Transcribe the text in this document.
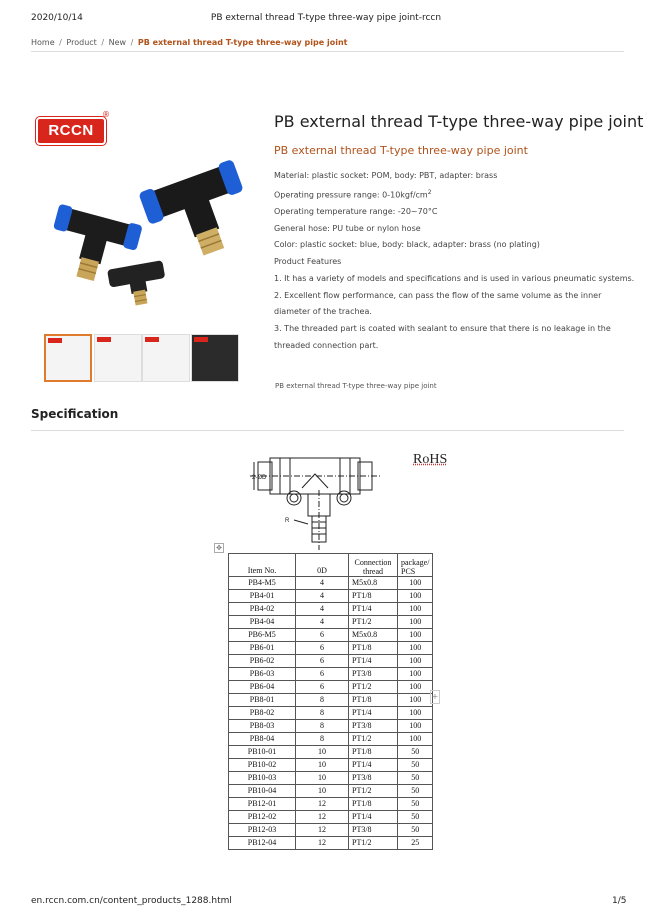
2020/10/14	PB external thread T-type three-way pipe joint-rccn
Home / Product / New / PB external thread T-type three-way pipe joint
RCCN
®	PB external thread T-type three-way pipe joint
PB external thread T-type three-way pipe joint
Material: plastic socket: POM, body: PBT, adapter: brass
Operating pressure range: $0-10kgf/cm^2$
Operating temperature range: -20~70°C
General hose: PU tube or nylon hose
Color: plastic socket: blue, body: black, adapter: brass (no plating)
Product Features
1. It has a variety of models and specifications and is used in various pneumatic systems.
2. Excellent flow performance, can pass the flow of the same volume as the inner diameter of the trachea.
3. The threaded part is coated with sealant to ensure that there is no leakage in the threaded connection part.
PB external thread T-type three-way pipe joint
Specification
2-ØD
R
RoHS
✥
Item No.	0D	Connection thread	package/ PCS
PB4-M5	4	M5x0.8	100
PB4-01	4	PT1/8	100
PB4-02	4	PT1/4	100
PB4-04	4	PT1/2	100
PB6-M5	6	M5x0.8	100
PB6-01	6	PT1/8	100
PB6-02	6	PT1/4	100
PB6-03	6	PT3/8	100
PB6-04	6	PT1/2	100
PB8-01	8	PT1/8	100
PB8-02	8	PT1/4	100
PB8-03	8	PT3/8	100
PB8-04	8	PT1/2	100
PB10-01	10	PT1/8	50
PB10-02	10	PT1/4	50
PB10-03	10	PT3/8	50
PB10-04	10	PT1/2	50
PB12-01	12	PT1/8	50
PB12-02	12	PT1/4	50
PB12-03	12	PT3/8	50
PB12-04	12	PT1/2	25
+
en.rccn.com.cn/content_products_1288.html	1/5
